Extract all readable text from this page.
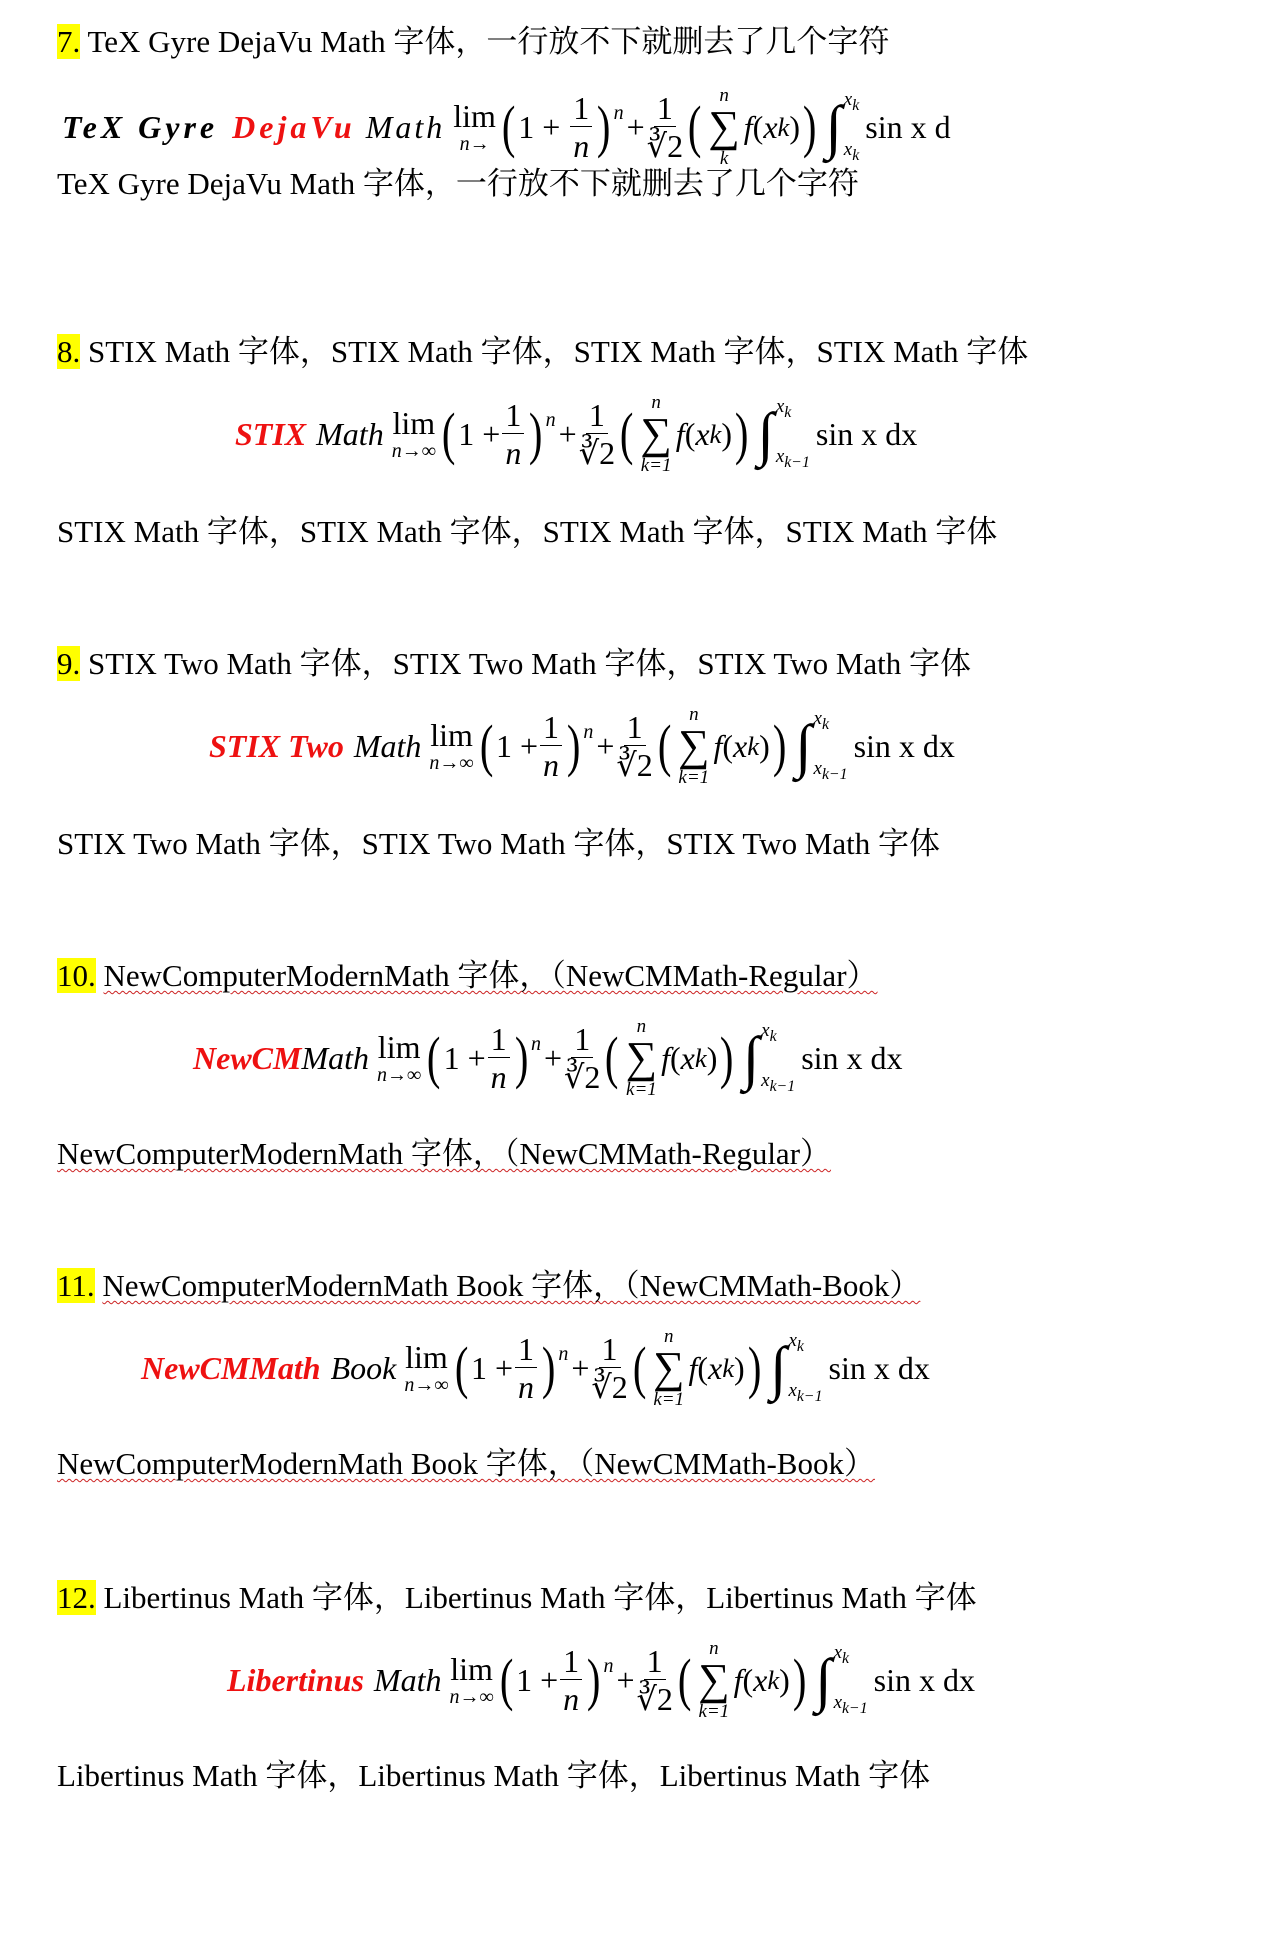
7. TeX Gyre DejaVu Math 字体，一行放不下就删去了几个字符
TeX Gyre DejaVu Math lim
n→ ( 1
+
$\frac{1}{n}$ ) $n + \frac{1}{∛2}$ ( n
∑
k
f ( x k ) ) ∫ $x_k$
$x_k$
sin x d
TeX Gyre DejaVu Math 字体，一行放不下就删去了几个字符
8. STIX Math 字体，STIX Math 字体，STIX Math 字体，STIX Math 字体
STIX Math lim
n→∞ ( 1
+ $\frac{1}{n}$ ) $n + \frac{1}{∛2}$ ( n
∑
k=1
f ( x k ) ) ∫ $x_k$
$x_{k-1}$
sin x dx
STIX Math 字体，STIX Math 字体，STIX Math 字体，STIX Math 字体
9. STIX Two Math 字体，STIX Two Math 字体，STIX Two Math 字体
STIX Two Math lim
n→∞ ( 1
+ $\frac{1}{n}$ ) $n + \frac{1}{∛2}$ ( n
∑
k=1
f ( x k ) ) ∫ $x_k$
$x_{k-1}$
sin x dx
STIX Two Math 字体，STIX Two Math 字体，STIX Two Math 字体
10. NewComputerModernMath 字体，（NewCMMath-Regular）
NewCM Math lim
n→∞ ( 1
+ $\frac{1}{n}$ ) $n + \frac{1}{∛2}$ ( n
∑
k=1
f ( x k ) ) ∫ $x_k$
$x_{k-1}$
sin x dx
NewComputerModernMath 字体，（NewCMMath-Regular）
11. NewComputerModernMath Book 字体，（NewCMMath-Book）
NewCMMath Book lim
n→∞ ( 1
+ $\frac{1}{n}$ ) $n + \frac{1}{∛2}$ ( n
∑
k=1
f ( x k ) ) ∫ $x_k$
$x_{k-1}$
sin x dx
NewComputerModernMath Book 字体，（NewCMMath-Book）
12. Libertinus Math 字体，Libertinus Math 字体，Libertinus Math 字体
Libertinus Math lim
n→∞ ( 1
+ $\frac{1}{n}$ ) $n + \frac{1}{∛2}$ ( n
∑
k=1
f ( x k ) ) ∫ $x_k$
$x_{k-1}$
sin x dx
Libertinus Math 字体，Libertinus Math 字体，Libertinus Math 字体
